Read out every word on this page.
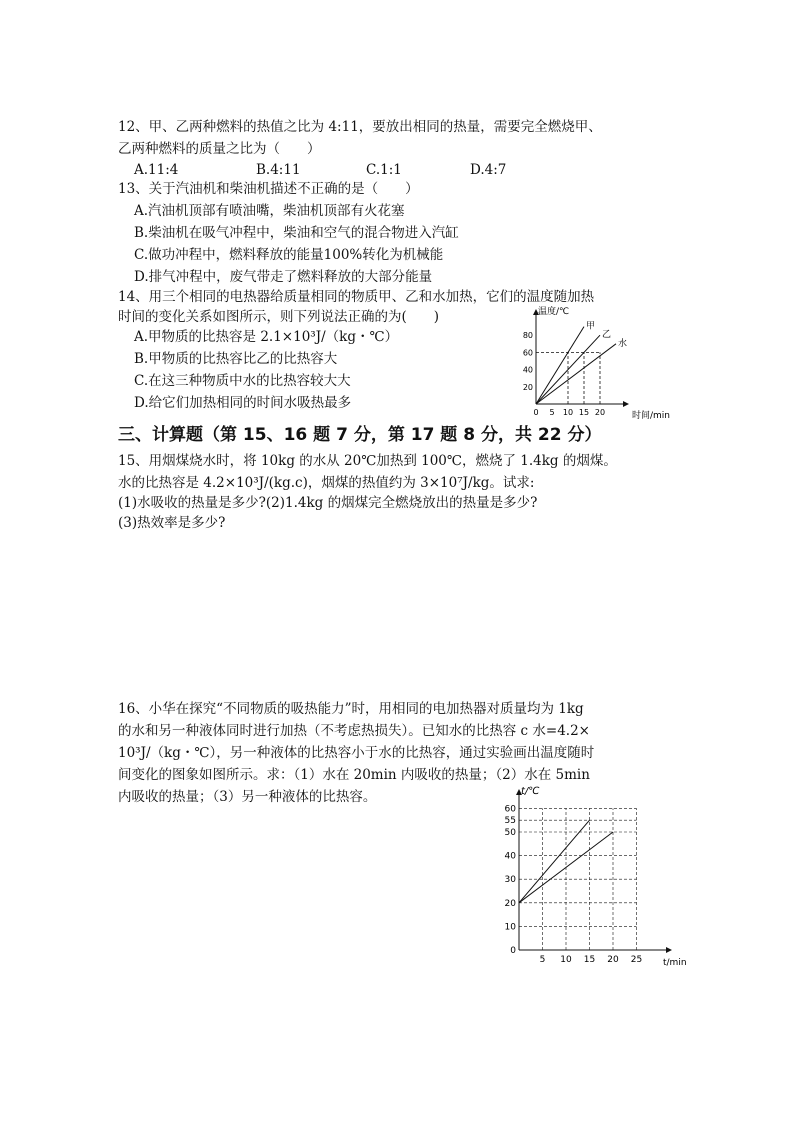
12、甲、乙两种燃料的热值之比为 4:11，要放出相同的热量，需要完全燃烧甲、
乙两种燃料的质量之比为（　　）
A.11:4	B.4:11	C.1:1	D.4:7
13、关于汽油机和柴油机描述不正确的是（　　）
A.汽油机顶部有喷油嘴，柴油机顶部有火花塞
B.柴油机在吸气冲程中，柴油和空气的混合物进入汽缸
C.做功冲程中，燃料释放的能量100%转化为机械能
D.排气冲程中，废气带走了燃料释放的大部分能量
14、用三个相同的电热器给质量相同的物质甲、乙和水加热，它们的温度随加热
时间的变化关系如图所示，则下列说法正确的为(　　)
A.甲物质的比热容是 2.1×10³J/（kg・℃）
B.甲物质的比热容比乙的比热容大
C.在这三种物质中水的比热容较大大
D.给它们加热相同的时间水吸热最多
甲
乙
水
0 5 10 15 20
20
40
60
80
温度/℃
时间/min
三、计算题（第 15、16 题 7 分，第 17 题 8 分，共 22 分）
15、用烟煤烧水时，将 10kg 的水从 20℃加热到 100℃，燃烧了 1.4kg 的烟煤。
水的比热容是 4.2×10³J/(kg.c)，烟煤的热值约为 3×10⁷J/kg。试求:
(1)水吸收的热量是多少?(2)1.4kg 的烟煤完全燃烧放出的热量是多少?
(3)热效率是多少?
16、小华在探究“不同物质的吸热能力”时，用相同的电加热器对质量均为 1kg
的水和另一种液体同时进行加热（不考虑热损失）。已知水的比热容 c 水=4.2×
10³J/（kg・℃），另一种液体的比热容小于水的比热容，通过实验画出温度随时
间变化的图象如图所示。求：（1）水在 20min 内吸收的热量；（2）水在 5min
内吸收的热量；（3）另一种液体的比热容。
5 10 15 20 25
0
10
20
30
40
50
55
60
t/℃
t/min
